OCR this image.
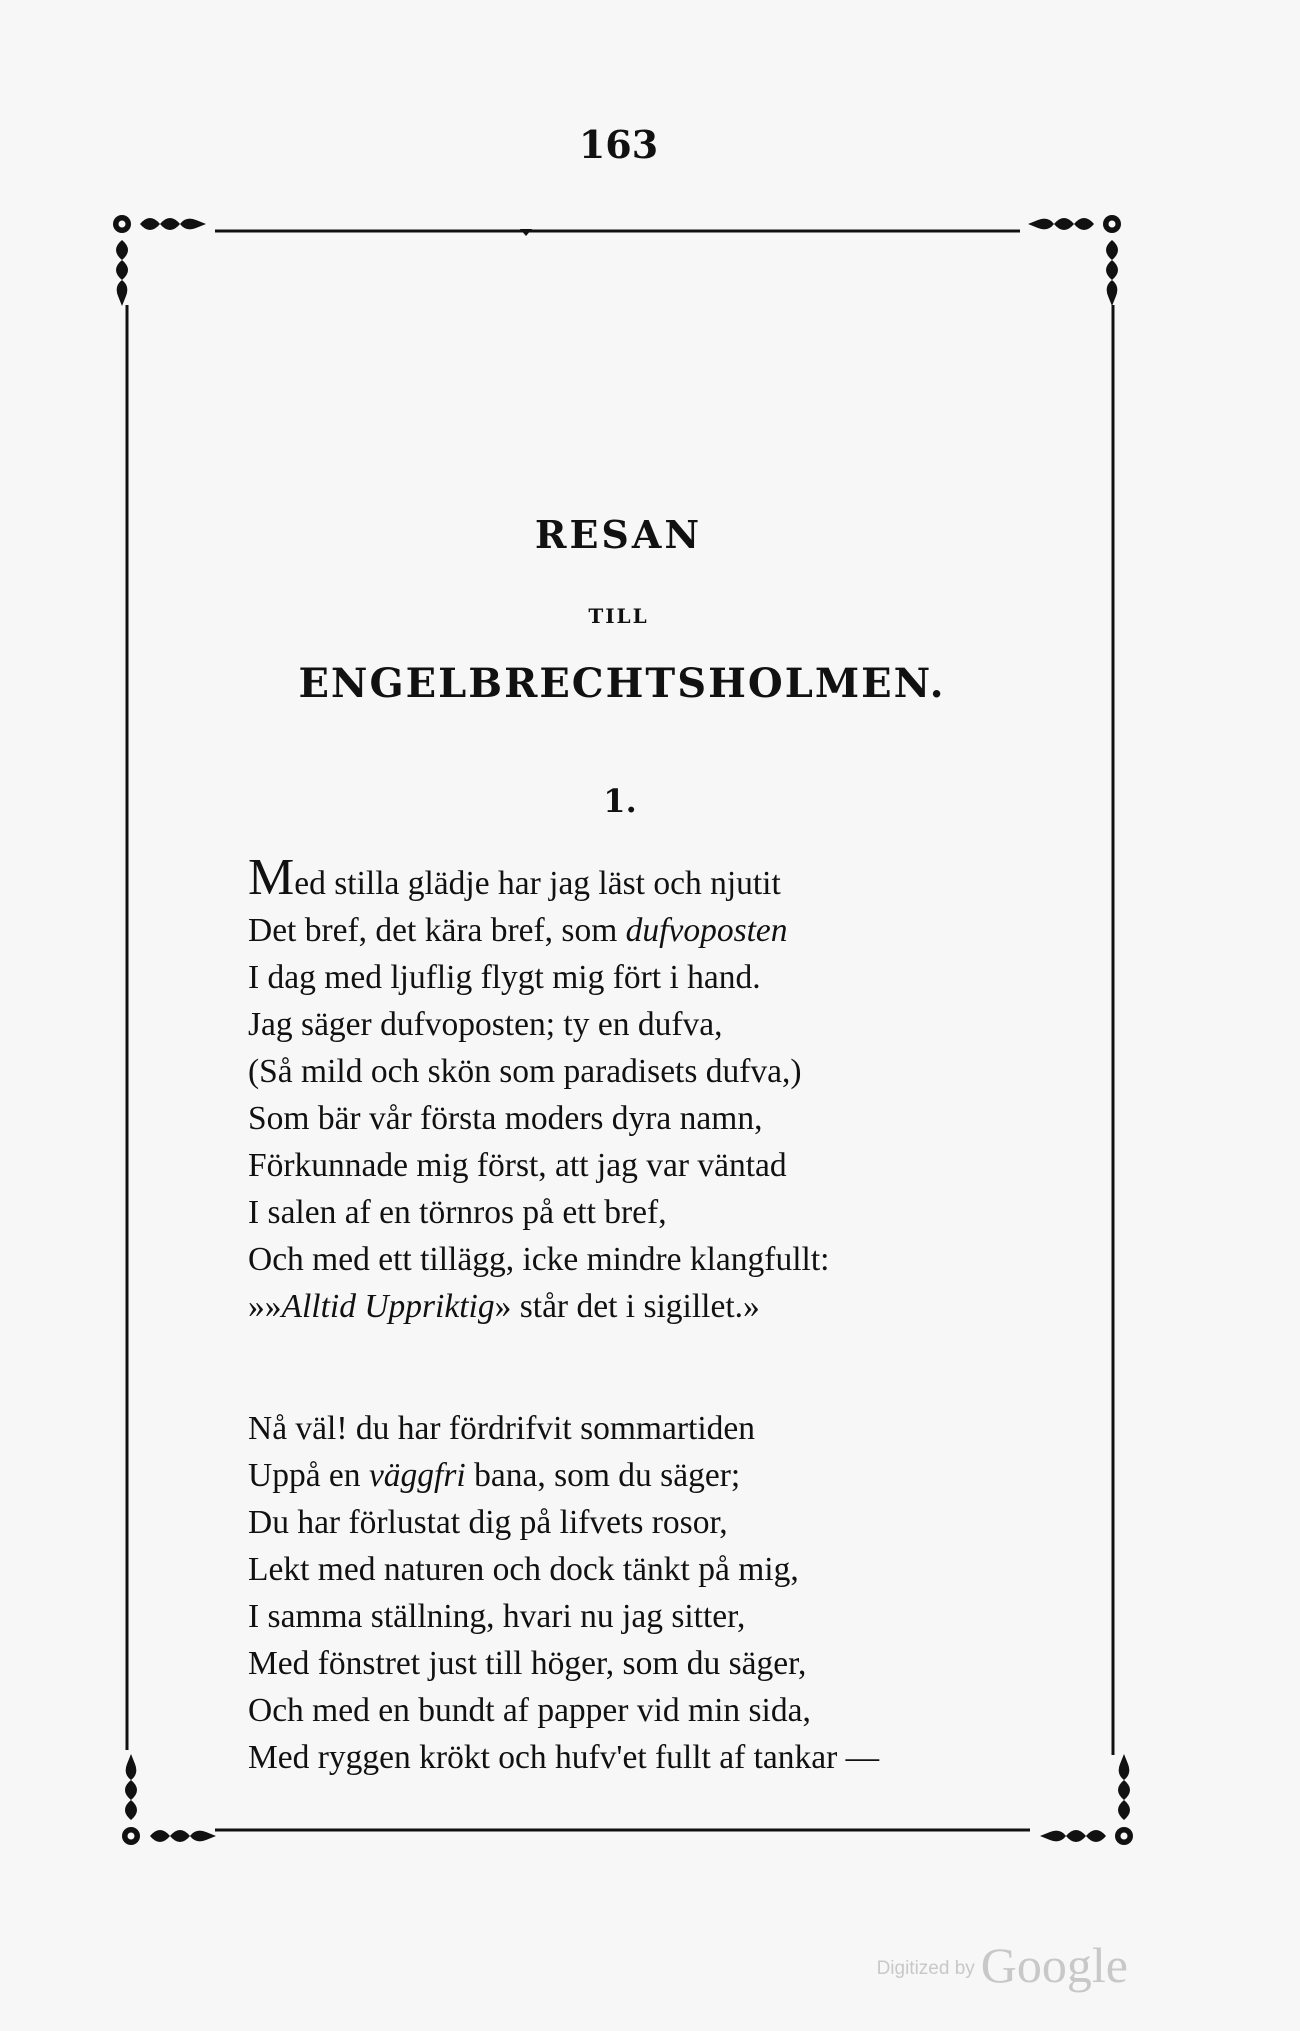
163
RESAN
TILL
ENGELBRECHTSHOLMEN.
1.
Med stilla glädje har jag läst och njutit
Det bref, det kära bref, som dufvoposten
I dag med ljuflig flygt mig fört i hand.
Jag säger dufvoposten; ty en dufva,
(Så mild och skön som paradisets dufva,)
Som bär vår första moders dyra namn,
Förkunnade mig först, att jag var väntad
I salen af en törnros på ett bref,
Och med ett tillägg, icke mindre klangfullt:
»»Alltid Uppriktig» står det i sigillet.»
Nå väl! du har fördrifvit sommartiden
Uppå en väggfri bana, som du säger;
Du har förlustat dig på lifvets rosor,
Lekt med naturen och dock tänkt på mig,
I samma ställning, hvari nu jag sitter,
Med fönstret just till höger, som du säger,
Och med en bundt af papper vid min sida,
Med ryggen krökt och hufv'et fullt af tankar —
Digitized by Google
